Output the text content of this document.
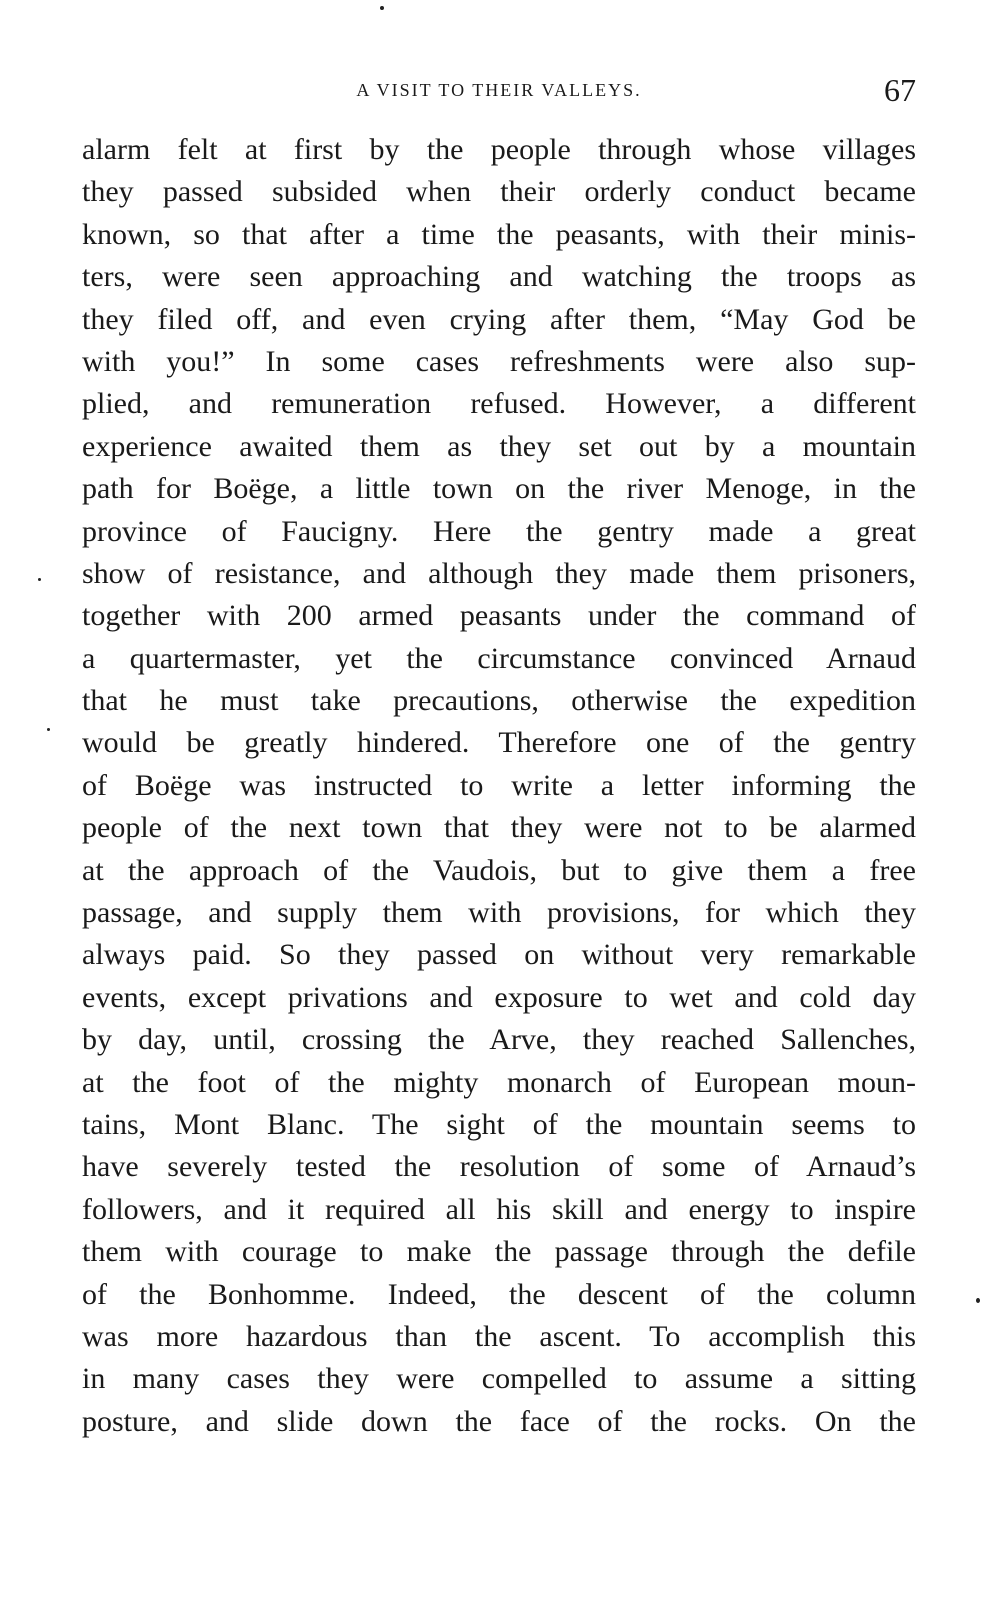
A VISIT TO THEIR VALLEYS.	67
alarm felt at first by the people through whose villages
they passed subsided when their orderly conduct became
known, so that after a time the peasants, with their minis-
ters, were seen approaching and watching the troops as
they filed off, and even crying after them, “May God be
with you!” In some cases refreshments were also sup-
plied, and remuneration refused. However, a different
experience awaited them as they set out by a mountain
path for Boëge, a little town on the river Menoge, in the
province of Faucigny. Here the gentry made a great
show of resistance, and although they made them prisoners,
together with 200 armed peasants under the command of
a quartermaster, yet the circumstance convinced Arnaud
that he must take precautions, otherwise the expedition
would be greatly hindered. Therefore one of the gentry
of Boëge was instructed to write a letter informing the
people of the next town that they were not to be alarmed
at the approach of the Vaudois, but to give them a free
passage, and supply them with provisions, for which they
always paid. So they passed on without very remarkable
events, except privations and exposure to wet and cold day
by day, until, crossing the Arve, they reached Sallenches,
at the foot of the mighty monarch of European moun-
tains, Mont Blanc. The sight of the mountain seems to
have severely tested the resolution of some of Arnaud’s
followers, and it required all his skill and energy to inspire
them with courage to make the passage through the defile
of the Bonhomme. Indeed, the descent of the column
was more hazardous than the ascent. To accomplish this
in many cases they were compelled to assume a sitting
posture, and slide down the face of the rocks. On the
